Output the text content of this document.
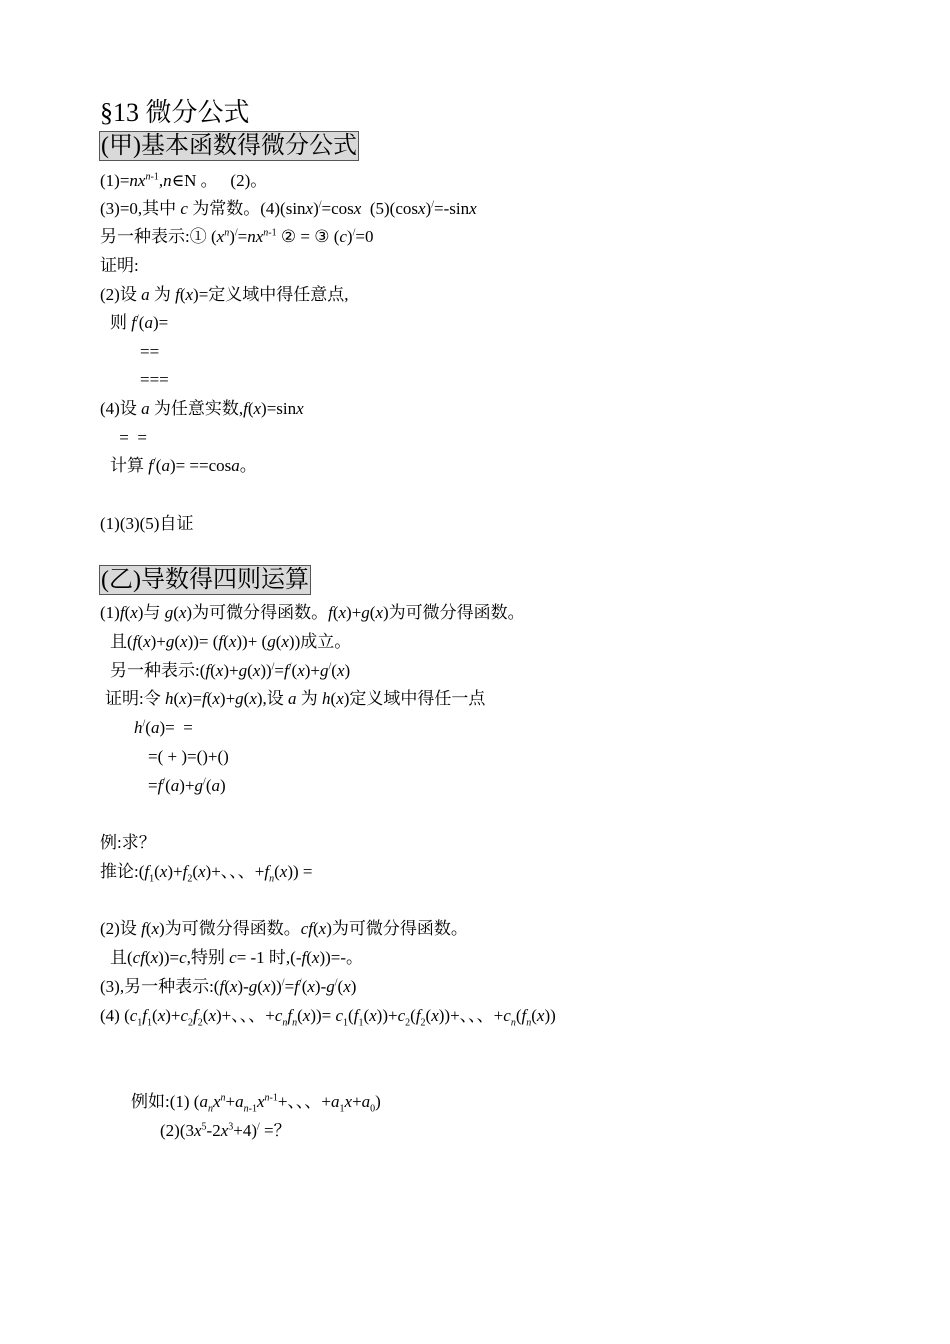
§13 微分公式
(甲)基本函数得微分公式
$(1)=nx^{n-1},n\in N$ 。   (2)。
(3)=0,其中 c 为常数。(4)(sinx)/=cosx  (5)(cosx)/=-sinx
另一种表示:① $(x^n)^/=nx^{n-1}$ ② = ③ (c)/=0
证明:
(2)设 a 为 f(x)=定义域中得任意点,
则 f/(a)=
==
===
(4)设 a 为任意实数,f(x)=sinx
=  =
计算 f/(a)= ==cosa。
(1)(3)(5)自证
(乙)导数得四则运算
(1)f(x)与 g(x)为可微分得函数。f(x)+g(x)为可微分得函数。
且(f(x)+g(x))= (f(x))+ (g(x))成立。
另一种表示:(f(x)+g(x))/=f/(x)+g/(x)
证明:令 h(x)=f(x)+g(x),设 a 为 h(x)定义域中得任一点
h/(a)=  =
=( + )=()+()
=f/(a)+g/(a)
例:求？
推论$:(f_1(x)+f_2(x)+$、、、$+f_n(x)$) =
(2)设 f(x)为可微分得函数。cf(x)为可微分得函数。
且(cf(x))=c,特别 c= -1 时,(-f(x))=-。
(3),另一种表示:(f(x)-g(x))/=f/(x)-g/(x)
(4) ($c_1f_1(x)+c_2f_2(x)+$、、、$+c_nf_n(x))= c_1(f_1(x))+c_2(f_2(x))+$、、、$+c_n(f_n(x))$
例如:(1) ($a_nx^n+a_{n-1}x^{n-1}+$、、、$+a_1x+a_0$)
$(2)(3x^5-2x^3+4)^/$ =？
